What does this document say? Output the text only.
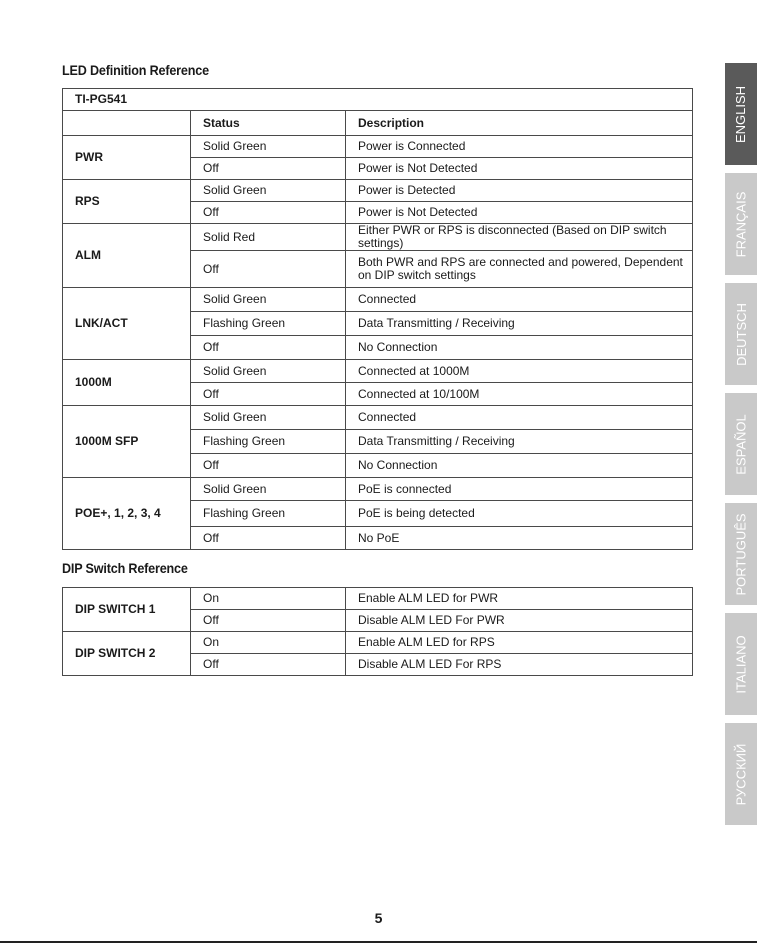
LED Definition Reference
TI-PG541		
	Status	Description
PWR	Solid Green	Power is Connected
	Off	Power is Not Detected
RPS	Solid Green	Power is Detected
	Off	Power is Not Detected
ALM	Solid Red	Either PWR or RPS is disconnected (Based on DIP switch settings)
	Off	Both PWR and RPS are connected and powered, Dependent on DIP switch settings
LNK/ACT	Solid Green	Connected
	Flashing Green	Data Transmitting / Receiving
	Off	No Connection
1000M	Solid Green	Connected at 1000M
	Off	Connected at 10/100M
1000M SFP	Solid Green	Connected
	Flashing Green	Data Transmitting / Receiving
	Off	No Connection
POE+, 1, 2, 3, 4	Solid Green	PoE is connected
	Flashing Green	PoE is being detected
	Off	No PoE
DIP Switch Reference
DIP SWITCH 1	On	Enable ALM LED for PWR
	Off	Disable ALM LED For PWR
DIP SWITCH 2	On	Enable ALM LED for RPS
	Off	Disable ALM LED For RPS
ENGLISH
FRANÇAIS
DEUTSCH
ESPAÑOL
PORTUGUÊS
ITALIANO
РУССКИЙ
5
